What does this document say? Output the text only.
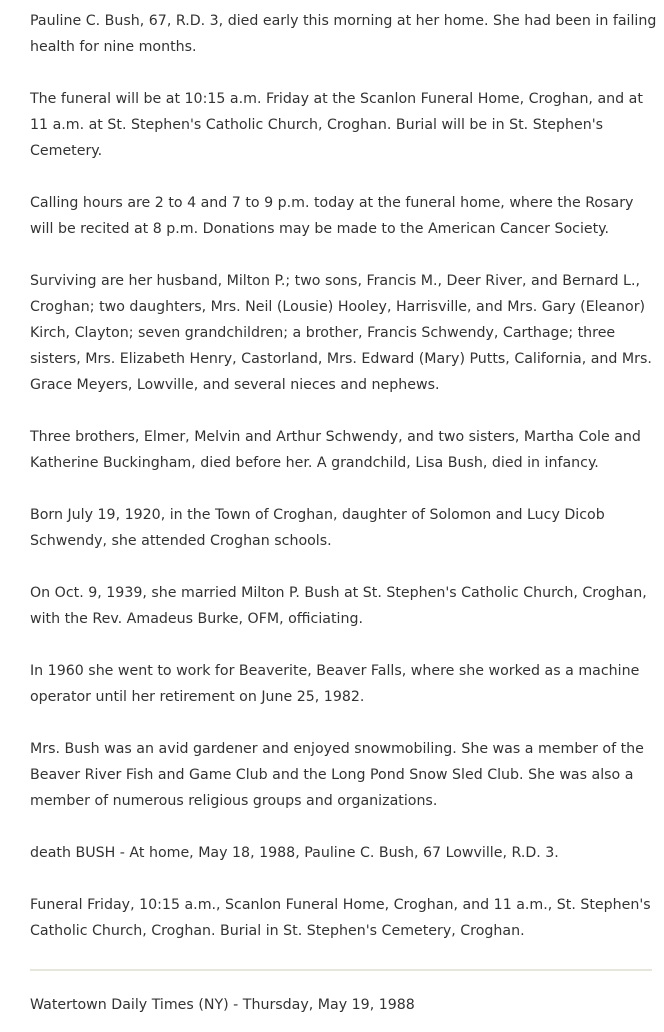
Pauline C. Bush, 67, R.D. 3, died early this morning at her home. She had been in failing health for nine months.

The funeral will be at 10:15 a.m. Friday at the Scanlon Funeral Home, Croghan, and at 11 a.m. at St. Stephen's Catholic Church, Croghan. Burial will be in St. Stephen's Cemetery.

Calling hours are 2 to 4 and 7 to 9 p.m. today at the funeral home, where the Rosary will be recited at 8 p.m. Donations may be made to the American Cancer Society.

Surviving are her husband, Milton P.; two sons, Francis M., Deer River, and Bernard L., Croghan; two daughters, Mrs. Neil (Lousie) Hooley, Harrisville, and Mrs. Gary (Eleanor) Kirch, Clayton; seven grandchildren; a brother, Francis Schwendy, Carthage; three sisters, Mrs. Elizabeth Henry, Castorland, Mrs. Edward (Mary) Putts, California, and Mrs. Grace Meyers, Lowville, and several nieces and nephews.

Three brothers, Elmer, Melvin and Arthur Schwendy, and two sisters, Martha Cole and Katherine Buckingham, died before her. A grandchild, Lisa Bush, died in infancy.

Born July 19, 1920, in the Town of Croghan, daughter of Solomon and Lucy Dicob Schwendy, she attended Croghan schools.

On Oct. 9, 1939, she married Milton P. Bush at St. Stephen's Catholic Church, Croghan, with the Rev. Amadeus Burke, OFM, officiating.

In 1960 she went to work for Beaverite, Beaver Falls, where she worked as a machine operator until her retirement on June 25, 1982.

Mrs. Bush was an avid gardener and enjoyed snowmobiling. She was a member of the Beaver River Fish and Game Club and the Long Pond Snow Sled Club. She was also a member of numerous religious groups and organizations.

death BUSH - At home, May 18, 1988, Pauline C. Bush, 67 Lowville, R.D. 3.

Funeral Friday, 10:15 a.m., Scanlon Funeral Home, Croghan, and 11 a.m., St. Stephen's Catholic Church, Croghan. Burial in St. Stephen's Cemetery, Croghan.

Watertown Daily Times (NY) - Thursday, May 19, 1988
